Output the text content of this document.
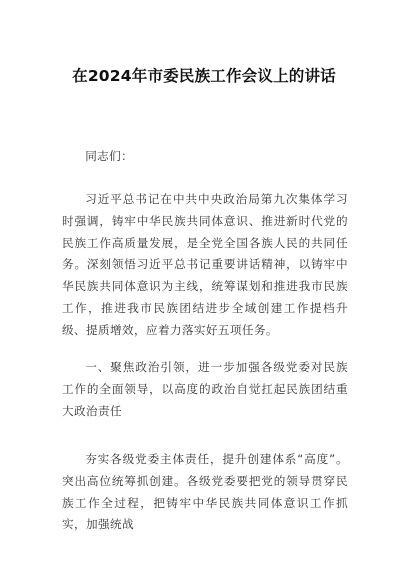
在2024年市委民族工作会议上的讲话

同志们：

习近平总书记在中共中央政治局第九次集体学习时强调，铸牢中华民族共同体意识、推进新时代党的民族工作高质量发展，是全党全国各族人民的共同任务。深刻领悟习近平总书记重要讲话精神，以铸牢中华民族共同体意识为主线，统筹谋划和推进我市民族工作，推进我市民族团结进步全域创建工作提档升级、提质增效，应着力落实好五项任务。

一、聚焦政治引领，进一步加强各级党委对民族工作的全面领导，以高度的政治自觉扛起民族团结重大政治责任

夯实各级党委主体责任，提升创建体系“高度”。突出高位统筹抓创建。各级党委要把党的领导贯穿民族工作全过程，把铸牢中华民族共同体意识工作抓实，加强统战
